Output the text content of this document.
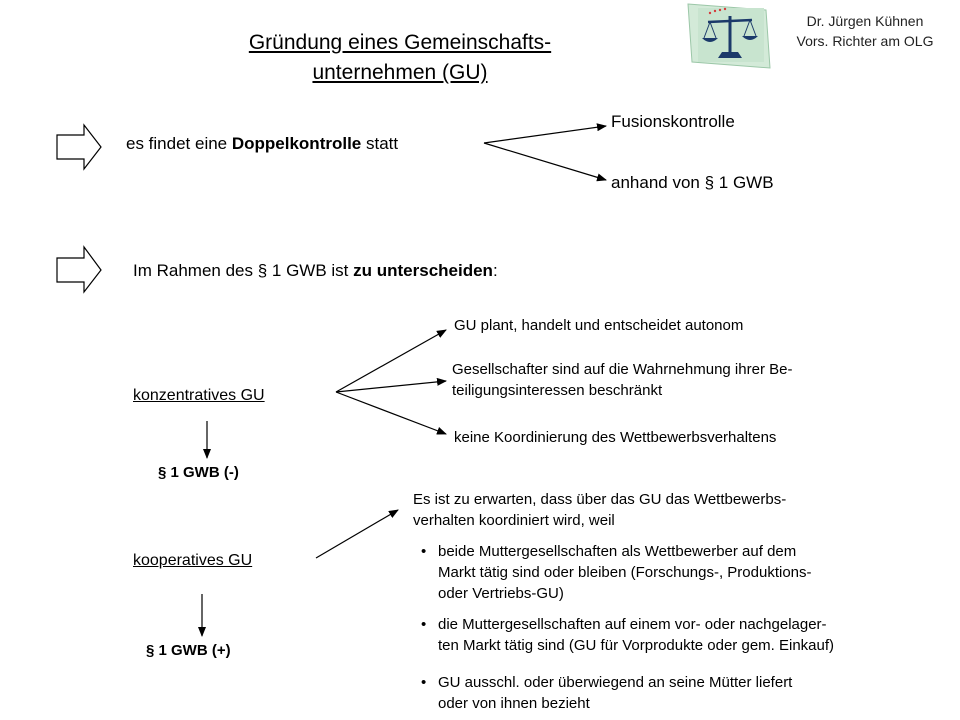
Gründung eines Gemeinschafts-
unternehmen (GU)
Dr. Jürgen Kühnen
Vors. Richter am OLG
es findet eine Doppelkontrolle statt
Fusionskontrolle
anhand von § 1 GWB
Im Rahmen des § 1 GWB ist zu unterscheiden:
konzentratives GU
GU plant, handelt und entscheidet autonom
Gesellschafter sind auf die Wahrnehmung ihrer Be-
teiligungsinteressen beschränkt
keine Koordinierung des Wettbewerbsverhaltens
§ 1 GWB (-)
kooperatives GU
§ 1 GWB (+)
Es ist zu erwarten, dass über das GU das Wettbewerbs-
verhalten koordiniert wird, weil
• beide Muttergesellschaften als Wettbewerber auf dem
Markt tätig sind oder bleiben (Forschungs-, Produktions-
oder Vertriebs-GU)
• die Muttergesellschaften auf einem vor- oder nachgelager-
ten Markt tätig sind (GU für Vorprodukte oder gem. Einkauf)
• GU ausschl. oder überwiegend an seine Mütter liefert
oder von ihnen bezieht
